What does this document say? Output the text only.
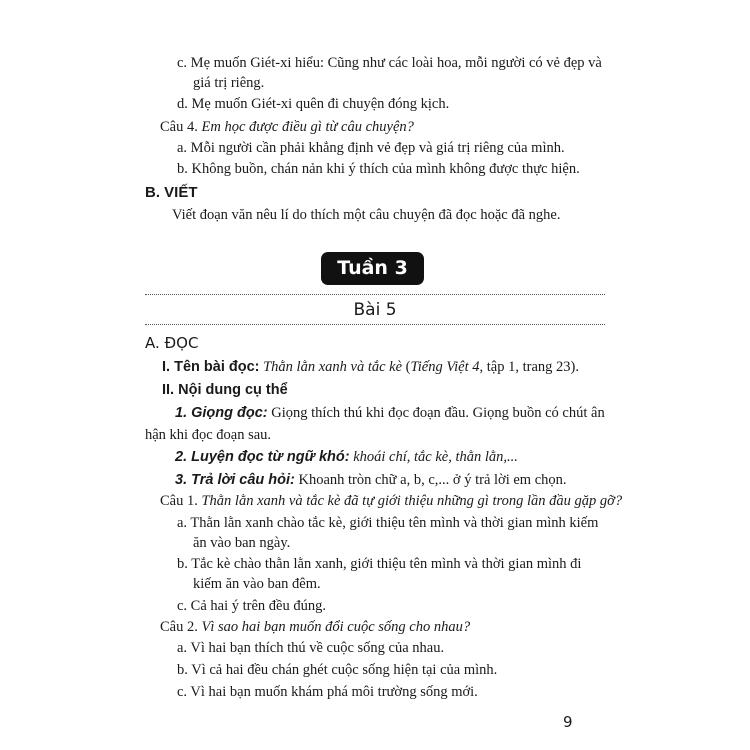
c. Mẹ muốn Giét-xi hiểu: Cũng như các loài hoa, mỗi người có vẻ đẹp và
giá trị riêng.
d. Mẹ muốn Giét-xi quên đi chuyện đóng kịch.
Câu 4. Em học được điều gì từ câu chuyện?
a. Mỗi người cần phải khẳng định vẻ đẹp và giá trị riêng của mình.
b. Không buồn, chán nản khi ý thích của mình không được thực hiện.
B. VIẾT
Viết đoạn văn nêu lí do thích một câu chuyện đã đọc hoặc đã nghe.
Tuần 3
Bài 5
A. ĐỌC
I. Tên bài đọc: Thằn lằn xanh và tắc kè (Tiếng Việt 4, tập 1, trang 23).
II. Nội dung cụ thể
1. Giọng đọc: Giọng thích thú khi đọc đoạn đầu. Giọng buồn có chút ân
hận khi đọc đoạn sau.
2. Luyện đọc từ ngữ khó: khoái chí, tắc kè, thằn lằn,...
3. Trả lời câu hỏi: Khoanh tròn chữ a, b, c,... ở ý trả lời em chọn.
Câu 1. Thằn lằn xanh và tắc kè đã tự giới thiệu những gì trong lần đầu gặp gỡ?
a. Thằn lằn xanh chào tắc kè, giới thiệu tên mình và thời gian mình kiếm
ăn vào ban ngày.
b. Tắc kè chào thằn lằn xanh, giới thiệu tên mình và thời gian mình đi
kiếm ăn vào ban đêm.
c. Cả hai ý trên đều đúng.
Câu 2. Vì sao hai bạn muốn đổi cuộc sống cho nhau?
a. Vì hai bạn thích thú về cuộc sống của nhau.
b. Vì cả hai đều chán ghét cuộc sống hiện tại của mình.
c. Vì hai bạn muốn khám phá môi trường sống mới.
9
